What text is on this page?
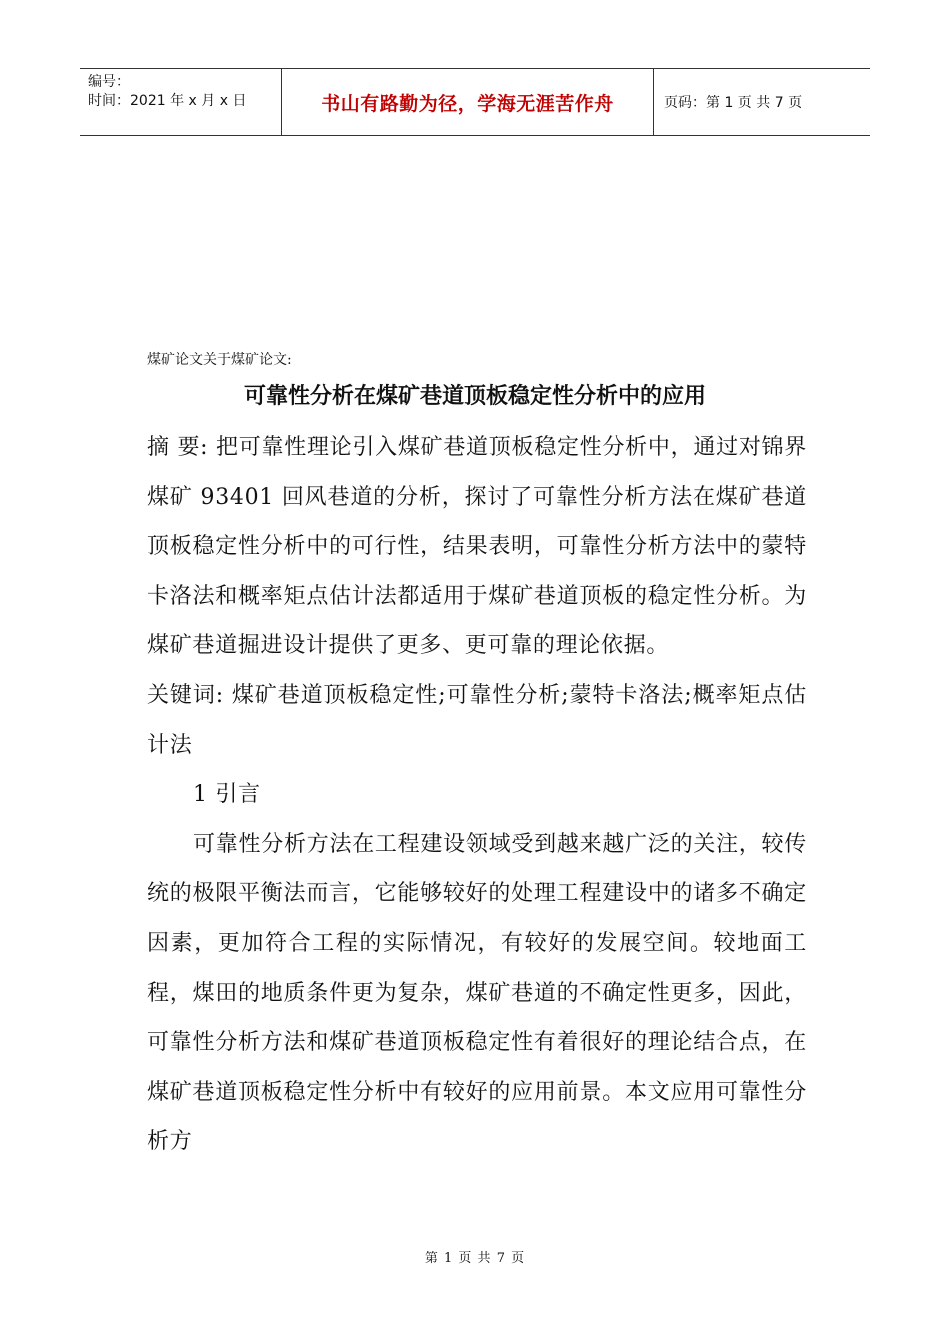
编号：
时间：2021 年 x 月 x 日	书山有路勤为径，学海无涯苦作舟	页码：第 1 页 共 7 页
煤矿论文关于煤矿论文:
可靠性分析在煤矿巷道顶板稳定性分析中的应用

摘 要: 把可靠性理论引入煤矿巷道顶板稳定性分析中，通过对锦界煤矿 93401 回风巷道的分析，探讨了可靠性分析方法在煤矿巷道顶板稳定性分析中的可行性，结果表明，可靠性分析方法中的蒙特卡洛法和概率矩点估计法都适用于煤矿巷道顶板的稳定性分析。为煤矿巷道掘进设计提供了更多、更可靠的理论依据。

关键词: 煤矿巷道顶板稳定性;可靠性分析;蒙特卡洛法;概率矩点估计法

1 引言

可靠性分析方法在工程建设领域受到越来越广泛的关注，较传统的极限平衡法而言，它能够较好的处理工程建设中的诸多不确定因素，更加符合工程的实际情况，有较好的发展空间。较地面工程，煤田的地质条件更为复杂，煤矿巷道的不确定性更多，因此，可靠性分析方法和煤矿巷道顶板稳定性有着很好的理论结合点，在煤矿巷道顶板稳定性分析中有较好的应用前景。本文应用可靠性分析方

第 1 页 共 7 页
